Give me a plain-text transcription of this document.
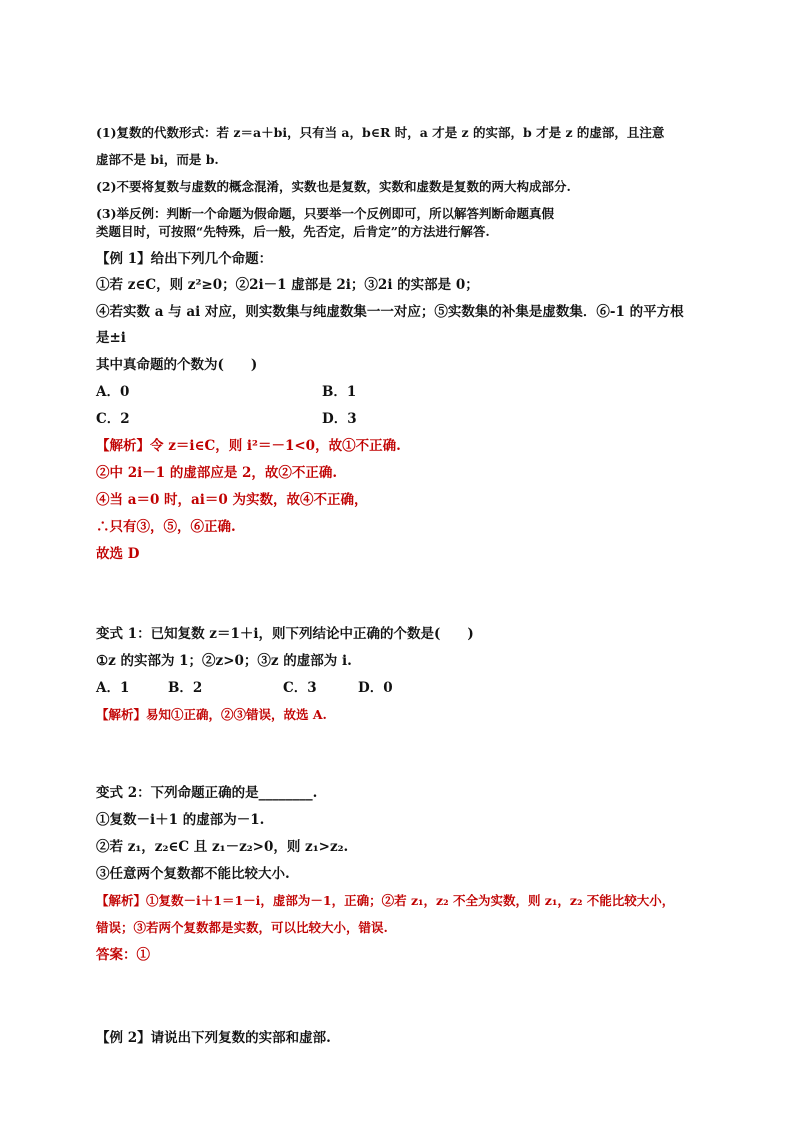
(1)复数的代数形式：若 z＝a＋bi，只有当 a，b∈R 时，a 才是 z 的实部，b 才是 z 的虚部，且注意
虚部不是 bi，而是 b.
(2)不要将复数与虚数的概念混淆，实数也是复数，实数和虚数是复数的两大构成部分.
(3)举反例：判断一个命题为假命题，只要举一个反例即可，所以解答判断命题真假
类题目时，可按照“先特殊，后一般，先否定，后肯定”的方法进行解答.
【例 1】给出下列几个命题：
①若 z∈C，则 z²≥0；②2i－1 虚部是 2i；③2i 的实部是 0；
④若实数 a 与 ai 对应，则实数集与纯虚数集一一对应；⑤实数集的补集是虚数集．⑥-1 的平方根
是±i
其中真命题的个数为(　　)
A．0	B．1
C．2	D．3
【解析】令 z＝i∈C，则 i²＝－1<0，故①不正确.
②中 2i－1 的虚部应是 2，故②不正确.
④当 a＝0 时，ai＝0 为实数，故④不正确，
∴只有③，⑤，⑥正确.
故选 D
变式 1：已知复数 z＝1＋i，则下列结论中正确的个数是(　　)
①z 的实部为 1；②z>0；③z 的虚部为 i.
A．1	B．2	C．3	D．0
【解析】易知①正确，②③错误，故选 A.
变式 2：下列命题正确的是________.
①复数－i＋1 的虚部为－1.
②若 z₁，z₂∈C 且 z₁－z₂>0，则 z₁>z₂.
③任意两个复数都不能比较大小.
【解析】①复数－i＋1＝1－i，虚部为－1，正确；②若 z₁，z₂ 不全为实数，则 z₁，z₂ 不能比较大小，
错误；③若两个复数都是实数，可以比较大小，错误.
答案：①
【例 2】请说出下列复数的实部和虚部.
